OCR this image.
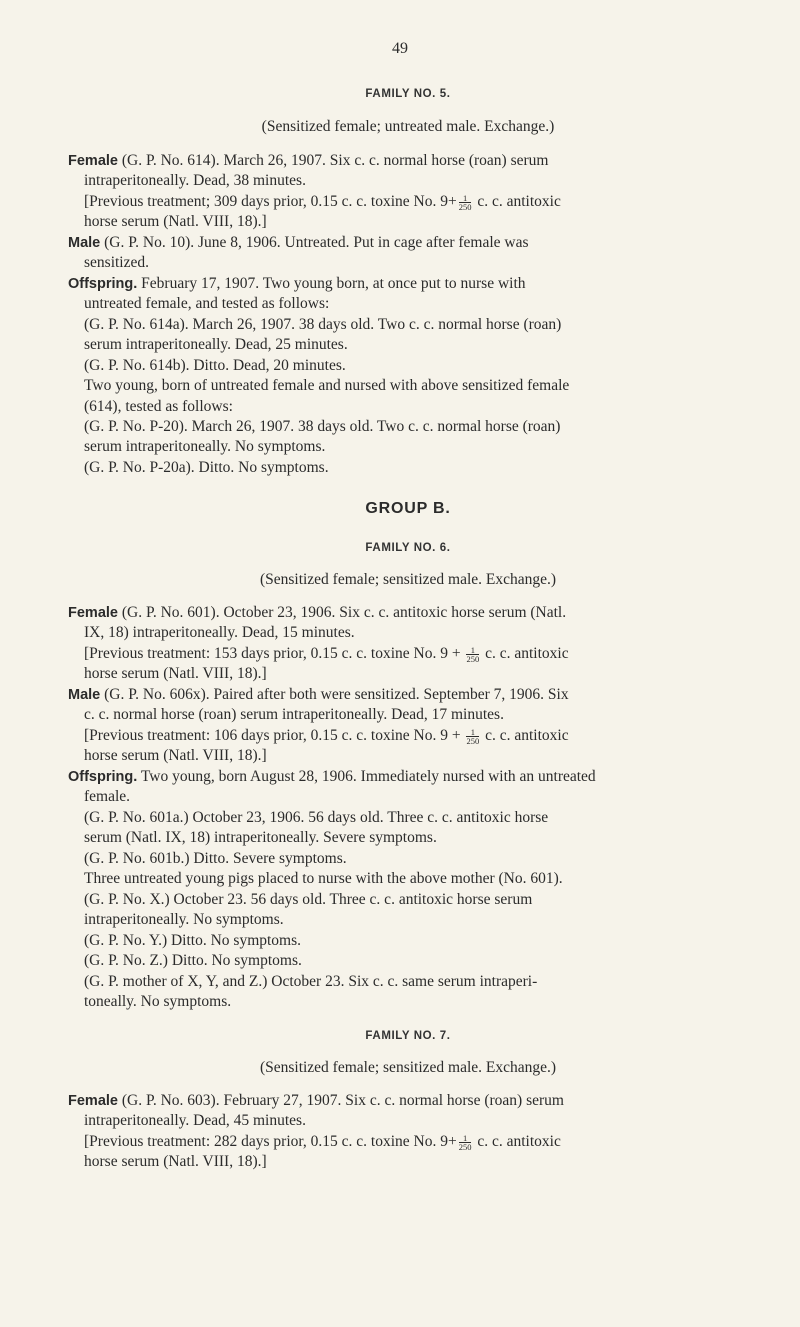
49
FAMILY NO. 5.
(Sensitized female; untreated male. Exchange.)
Female (G. P. No. 614). March 26, 1907. Six c. c. normal horse (roan) serum
intraperitoneally. Dead, 38 minutes.
[Previous treatment; 309 days prior, 0.15 c. c. toxine No. $9+ \frac{1}{250} c$. c. antitoxic
horse serum (Natl. VIII, 18).]
Male (G. P. No. 10). June 8, 1906. Untreated. Put in cage after female was
sensitized.
Offspring. February 17, 1907. Two young born, at once put to nurse with
untreated female, and tested as follows:
(G. P. No. 614a). March 26, 1907. 38 days old. Two c. c. normal horse (roan)
serum intraperitoneally. Dead, 25 minutes.
(G. P. No. 614b). Ditto. Dead, 20 minutes.
Two young, born of untreated female and nursed with above sensitized female
(614), tested as follows:
(G. P. No. P-20). March 26, 1907. 38 days old. Two c. c. normal horse (roan)
serum intraperitoneally. No symptoms.
(G. P. No. P-20a). Ditto. No symptoms.
GROUP B.
FAMILY NO. 6.
(Sensitized female; sensitized male. Exchange.)
Female (G. P. No. 601). October 23, 1906. Six c. c. antitoxic horse serum (Natl.
IX, 18) intraperitoneally. Dead, 15 minutes.
[Previous treatment: 153 days prior, 0.15 c. c. toxine No. $9 + \frac{1}{250} c$. c. antitoxic
horse serum (Natl. VIII, 18).]
Male (G. P. No. 606x). Paired after both were sensitized. September 7, 1906. Six
c. c. normal horse (roan) serum intraperitoneally. Dead, 17 minutes.
[Previous treatment: 106 days prior, 0.15 c. c. toxine No. $9 + \frac{1}{250} c$. c. antitoxic
horse serum (Natl. VIII, 18).]
Offspring. Two young, born August 28, 1906. Immediately nursed with an untreated
female.
(G. P. No. 601a.) October 23, 1906. 56 days old. Three c. c. antitoxic horse
serum (Natl. IX, 18) intraperitoneally. Severe symptoms.
(G. P. No. 601b.) Ditto. Severe symptoms.
Three untreated young pigs placed to nurse with the above mother (No. 601).
(G. P. No. X.) October 23. 56 days old. Three c. c. antitoxic horse serum
intraperitoneally. No symptoms.
(G. P. No. Y.) Ditto. No symptoms.
(G. P. No. Z.) Ditto. No symptoms.
(G. P. mother of X, Y, and Z.) October 23. Six c. c. same serum intraperi-
toneally. No symptoms.
FAMILY NO. 7.
(Sensitized female; sensitized male. Exchange.)
Female (G. P. No. 603). February 27, 1907. Six c. c. normal horse (roan) serum
intraperitoneally. Dead, 45 minutes.
[Previous treatment: 282 days prior, 0.15 c. c. toxine No. $9+ \frac{1}{250} c$. c. antitoxic
horse serum (Natl. VIII, 18).]
